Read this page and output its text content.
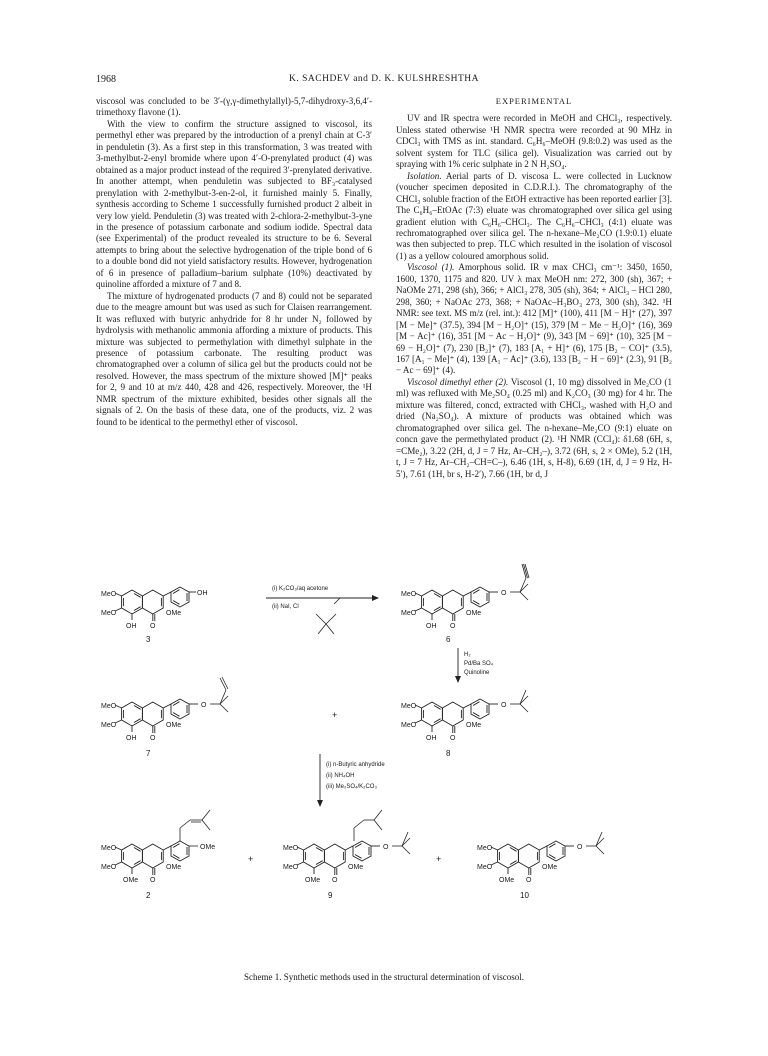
1968	K. SACHDEV and D. K. KULSHRESHTHA

viscosol was concluded to be 3′-(γ,γ-dimethylallyl)-5,7-dihydroxy-3,6,4′-trimethoxy flavone (1).

With the view to confirm the structure assigned to viscosol, its permethyl ether was prepared by the introduction of a prenyl chain at C-3′ in penduletin (3). As a first step in this transformation, 3 was treated with 3-methylbut-2-enyl bromide where upon 4′-O-prenylated product (4) was obtained as a major product instead of the required 3′-prenylated derivative. In another attempt, when penduletin was subjected to BF₃-catalysed prenylation with 2-methylbut-3-en-2-ol, it furnished mainly 5. Finally, synthesis according to Scheme 1 successfully furnished product 2 albeit in very low yield. Penduletin (3) was treated with 2-chlora-2-methylbut-3-yne in the presence of potassium carbonate and sodium iodide. Spectral data (see Experimental) of the product revealed its structure to be 6. Several attempts to bring about the selective hydrogenation of the triple bond of 6 to a double bond did not yield satisfactory results. However, hydrogenation of 6 in presence of palladium–barium sulphate (10%) deactivated by quinoline afforded a mixture of 7 and 8.

The mixture of hydrogenated products (7 and 8) could not be separated due to the meagre amount but was used as such for Claisen rearrangement. It was refluxed with butyric anhydride for 8 hr under N₂ followed by hydrolysis with methanolic ammonia affording a mixture of products. This mixture was subjected to permethylation with dimethyl sulphate in the presence of potassium carbonate. The resulting product was chromatographed over a column of silica gel but the products could not be resolved. However, the mass spectrum of the mixture showed [M]⁺ peaks for 2, 9 and 10 at m/z 440, 428 and 426, respectively. Moreover, the ¹H NMR spectrum of the mixture exhibited, besides other signals all the signals of 2. On the basis of these data, one of the products, viz. 2 was found to be identical to the permethyl ether of viscosol.

EXPERIMENTAL

UV and IR spectra were recorded in MeOH and CHCl₃, respectively. Unless stated otherwise ¹H NMR spectra were recorded at 90 MHz in CDCl₃ with TMS as int. standard. C₆H₆–MeOH (9.8:0.2) was used as the solvent system for TLC (silica gel). Visualization was carried out by spraying with 1% ceric sulphate in 2 N H₂SO₄.

Isolation. Aerial parts of D. viscosa L. were collected in Lucknow (voucher specimen deposited in C.D.R.I.). The chromatography of the CHCl₃ soluble fraction of the EtOH extractive has been reported earlier [3]. The C₆H₆–EtOAc (7:3) eluate was chromatographed over silica gel using gradient elution with C₆H₆–CHCl₃. The C₆H₆–CHCl₃ (4:1) eluate was rechromatographed over silica gel. The n-hexane–Me₂CO (1.9:0.1) eluate was then subjected to prep. TLC which resulted in the isolation of viscosol (1) as a yellow coloured amorphous solid.

Viscosol (1). Amorphous solid. IR ν max CHCl₃ cm⁻¹: 3450, 1650, 1600, 1370, 1175 and 820. UV λ max MeOH nm: 272, 300 (sh), 367; + NaOMe 271, 298 (sh), 366; + AlCl₃ 278, 305 (sh), 364; + AlCl₃ – HCl 280, 298, 360; + NaOAc 273, 368; + NaOAc–H₃BO₃ 273, 300 (sh), 342. ¹H NMR: see text. MS m/z (rel. int.): 412 [M]⁺ (100), 411 [M − H]⁺ (27), 397 [M − Me]⁺ (37.5), 394 [M − H₂O]⁺ (15), 379 [M − Me − H₂O]⁺ (16), 369 [M − Ac]⁺ (16), 351 [M − Ac − H₂O]⁺ (9), 343 [M − 69]⁺ (10), 325 [M − 69 − H₂O]⁺ (7), 230 [B₂]⁺ (7), 183 [A₁ + H]⁺ (6), 175 [B₂ − CO]⁺ (3.5), 167 [A₁ − Me]⁺ (4), 139 [A₁ − Ac]⁺ (3.6), 133 [B₂ − H − 69]⁺ (2.3), 91 [B₂ − Ac − 69]⁺ (4).

Viscosol dimethyl ether (2). Viscosol (1, 10 mg) dissolved in Me₂CO (1 ml) was refluxed with Me₂SO₄ (0.25 ml) and K₂CO₃ (30 mg) for 4 hr. The mixture was filtered, concd, extracted with CHCl₃, washed with H₂O and dried (Na₂SO₄). A mixture of products was obtained which was chromatographed over silica gel. The n-hexane–Me₂CO (9:1) eluate on concn gave the permethylated product (2). ¹H NMR (CCl₄): δ1.68 (6H, s, =CMe₂), 3.22 (2H, d, J = 7 Hz, Ar–CH₂–), 3.72 (6H, s, 2 × OMe), 5.2 (1H, t, J = 7 Hz, Ar–CH₂–CH=C–), 6.46 (1H, s, H-8), 6.69 (1H, d, J = 9 Hz, H-5′), 7.61 (1H, br s, H-2′), 7.66 (1H, br d, J

MeO
MeO
OH
OMe
OH O
3
(i) K₂CO₃/aq acetone
(ii) NaI, Cl
O
MeO
MeO	OMe
OH O
6
H₂
Pd/Ba SO₄
Quinoline
O
MeO
MeO	OMe
OH O
7
+
O
MeO
MeO	OMe
OH O
8
(i) n-Butyric anhydride
(ii) NH₄OH
(iii) Me₂SO₄/K₂CO₃
OMe
MeO
MeO	OMe
OMe O
2
+
O
MeO
MeO	OMe
OMe O
9
+
O
MeO
MeO	OMe
OMe O
10
Scheme 1. Synthetic methods used in the structural determination of viscosol.
